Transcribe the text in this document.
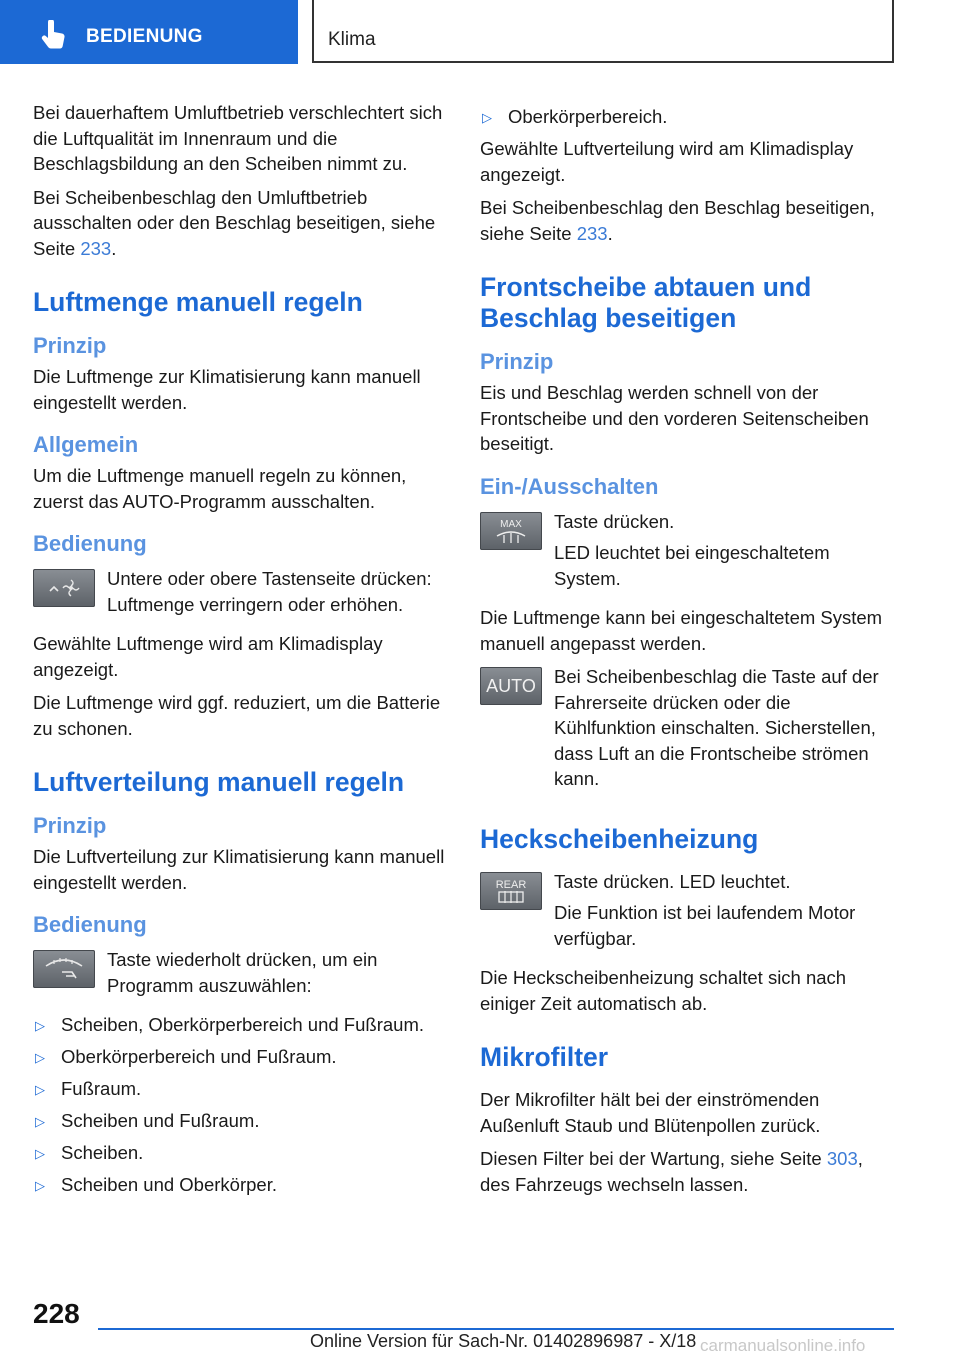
BEDIENUNG	Klima

Bei dauerhaftem Umluftbetrieb verschlechtert sich die Luftqualität im Innenraum und die Beschlagsbildung an den Scheiben nimmt zu.

Bei Scheibenbeschlag den Umluftbetrieb ausschalten oder den Beschlag beseitigen, siehe
Seite 233.

Luftmenge manuell regeln
Prinzip

Die Luftmenge zur Klimatisierung kann manuell eingestellt werden.

Allgemein

Um die Luftmenge manuell regeln zu können, zuerst das AUTO-Programm ausschalten.

Bedienung

Untere oder obere Tastenseite drücken: Luftmenge verringern oder erhöhen.

Gewählte Luftmenge wird am Klimadisplay angezeigt.

Die Luftmenge wird ggf. reduziert, um die Batterie zu schonen.

Luftverteilung manuell regeln
Prinzip

Die Luftverteilung zur Klimatisierung kann manuell eingestellt werden.

Bedienung

Taste wiederholt drücken, um ein Programm auszuwählen:

▷ Scheiben, Oberkörperbereich und Fußraum.
▷ Oberkörperbereich und Fußraum.
▷ Fußraum.
▷ Scheiben und Fußraum.
▷ Scheiben.
▷ Scheiben und Oberkörper.
▷ Oberkörperbereich.

Gewählte Luftverteilung wird am Klimadisplay angezeigt.

Bei Scheibenbeschlag den Beschlag beseitigen, siehe Seite 233.

Frontscheibe abtauen und Beschlag beseitigen
Prinzip

Eis und Beschlag werden schnell von der Frontscheibe und den vorderen Seitenscheiben beseitigt.

Ein-/Ausschalten
MAX Taste drücken.

LED leuchtet bei eingeschaltetem System.

Die Luftmenge kann bei eingeschaltetem System manuell angepasst werden.

AUTO Bei Scheibenbeschlag die Taste auf der Fahrerseite drücken oder die Kühlfunktion einschalten. Sicherstellen, dass Luft an die Frontscheibe strömen kann.

Heckscheibenheizung
REAR Taste drücken. LED leuchtet.

Die Funktion ist bei laufendem Motor verfügbar.

Die Heckscheibenheizung schaltet sich nach einiger Zeit automatisch ab.

Mikrofilter

Der Mikrofilter hält bei der einströmenden Außenluft Staub und Blütenpollen zurück.

Diesen Filter bei der Wartung, siehe Seite 303, des Fahrzeugs wechseln lassen.

228
Online Version für Sach-Nr. 01402896987 - X/18 carmanualsonline.info
